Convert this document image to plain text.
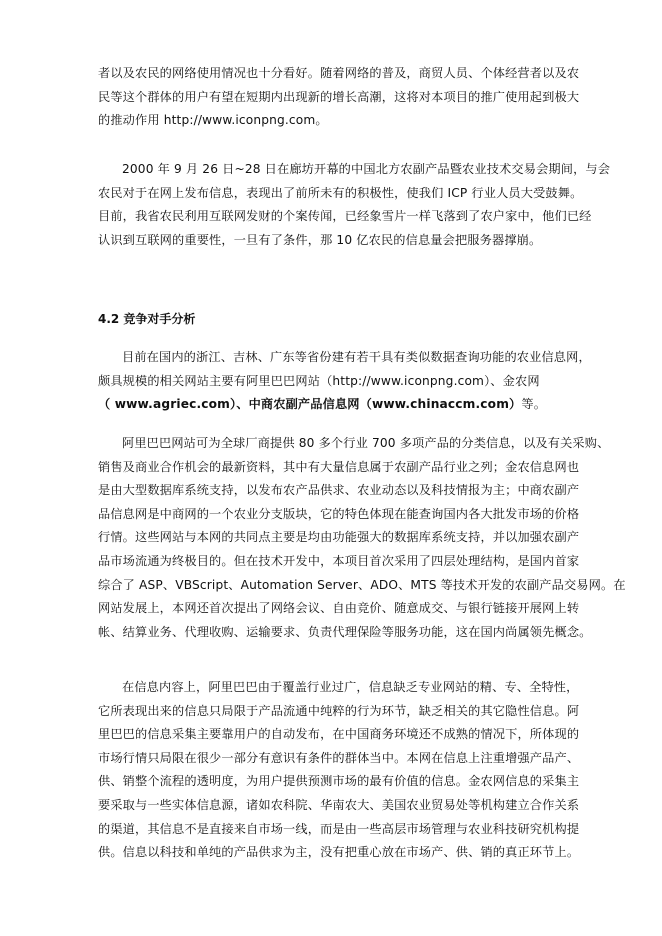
者以及农民的网络使用情况也十分看好。随着网络的普及，商贸人员、个体经营者以及农
民等这个群体的用户有望在短期内出现新的增长高潮，这将对本项目的推广使用起到极大
的推动作用 http://www.iconpng.com。

2000 年 9 月 26 日~28 日在廊坊开幕的中国北方农副产品暨农业技术交易会期间，与会
农民对于在网上发布信息，表现出了前所未有的积极性，使我们 ICP 行业人员大受鼓舞。
目前，我省农民利用互联网发财的个案传闻，已经象雪片一样飞落到了农户家中，他们已经
认识到互联网的重要性，一旦有了条件，那 10 亿农民的信息量会把服务器撑崩。

4.2 竞争对手分析

目前在国内的浙江、吉林、广东等省份建有若干具有类似数据查询功能的农业信息网，
颇具规模的相关网站主要有阿里巴巴网站（http://www.iconpng.com）、金农网
（ www.agriec.com）、中商农副产品信息网（www.chinaccm.com）等。

阿里巴巴网站可为全球厂商提供 80 多个行业 700 多项产品的分类信息，以及有关采购、
销售及商业合作机会的最新资料，其中有大量信息属于农副产品行业之列；金农信息网也
是由大型数据库系统支持，以发布农产品供求、农业动态以及科技情报为主；中商农副产
品信息网是中商网的一个农业分支版块，它的特色体现在能查询国内各大批发市场的价格
行情。这些网站与本网的共同点主要是均由功能强大的数据库系统支持，并以加强农副产
品市场流通为终极目的。但在技术开发中，本项目首次采用了四层处理结构，是国内首家
综合了 ASP、VBScript、Automation Server、ADO、MTS 等技术开发的农副产品交易网。在
网站发展上，本网还首次提出了网络会议、自由竞价、随意成交、与银行链接开展网上转
帐、结算业务、代理收购、运输要求、负责代理保险等服务功能，这在国内尚属领先概念。

在信息内容上，阿里巴巴由于覆盖行业过广，信息缺乏专业网站的精、专、全特性，
它所表现出来的信息只局限于产品流通中纯粹的行为环节，缺乏相关的其它隐性信息。阿
里巴巴的信息采集主要靠用户的自动发布，在中国商务环境还不成熟的情况下，所体现的
市场行情只局限在很少一部分有意识有条件的群体当中。本网在信息上注重增强产品产、
供、销整个流程的透明度，为用户提供预测市场的最有价值的信息。金农网信息的采集主
要采取与一些实体信息源，诸如农科院、华南农大、美国农业贸易处等机构建立合作关系
的渠道，其信息不是直接来自市场一线，而是由一些高层市场管理与农业科技研究机构提
供。信息以科技和单纯的产品供求为主，没有把重心放在市场产、供、销的真正环节上。
